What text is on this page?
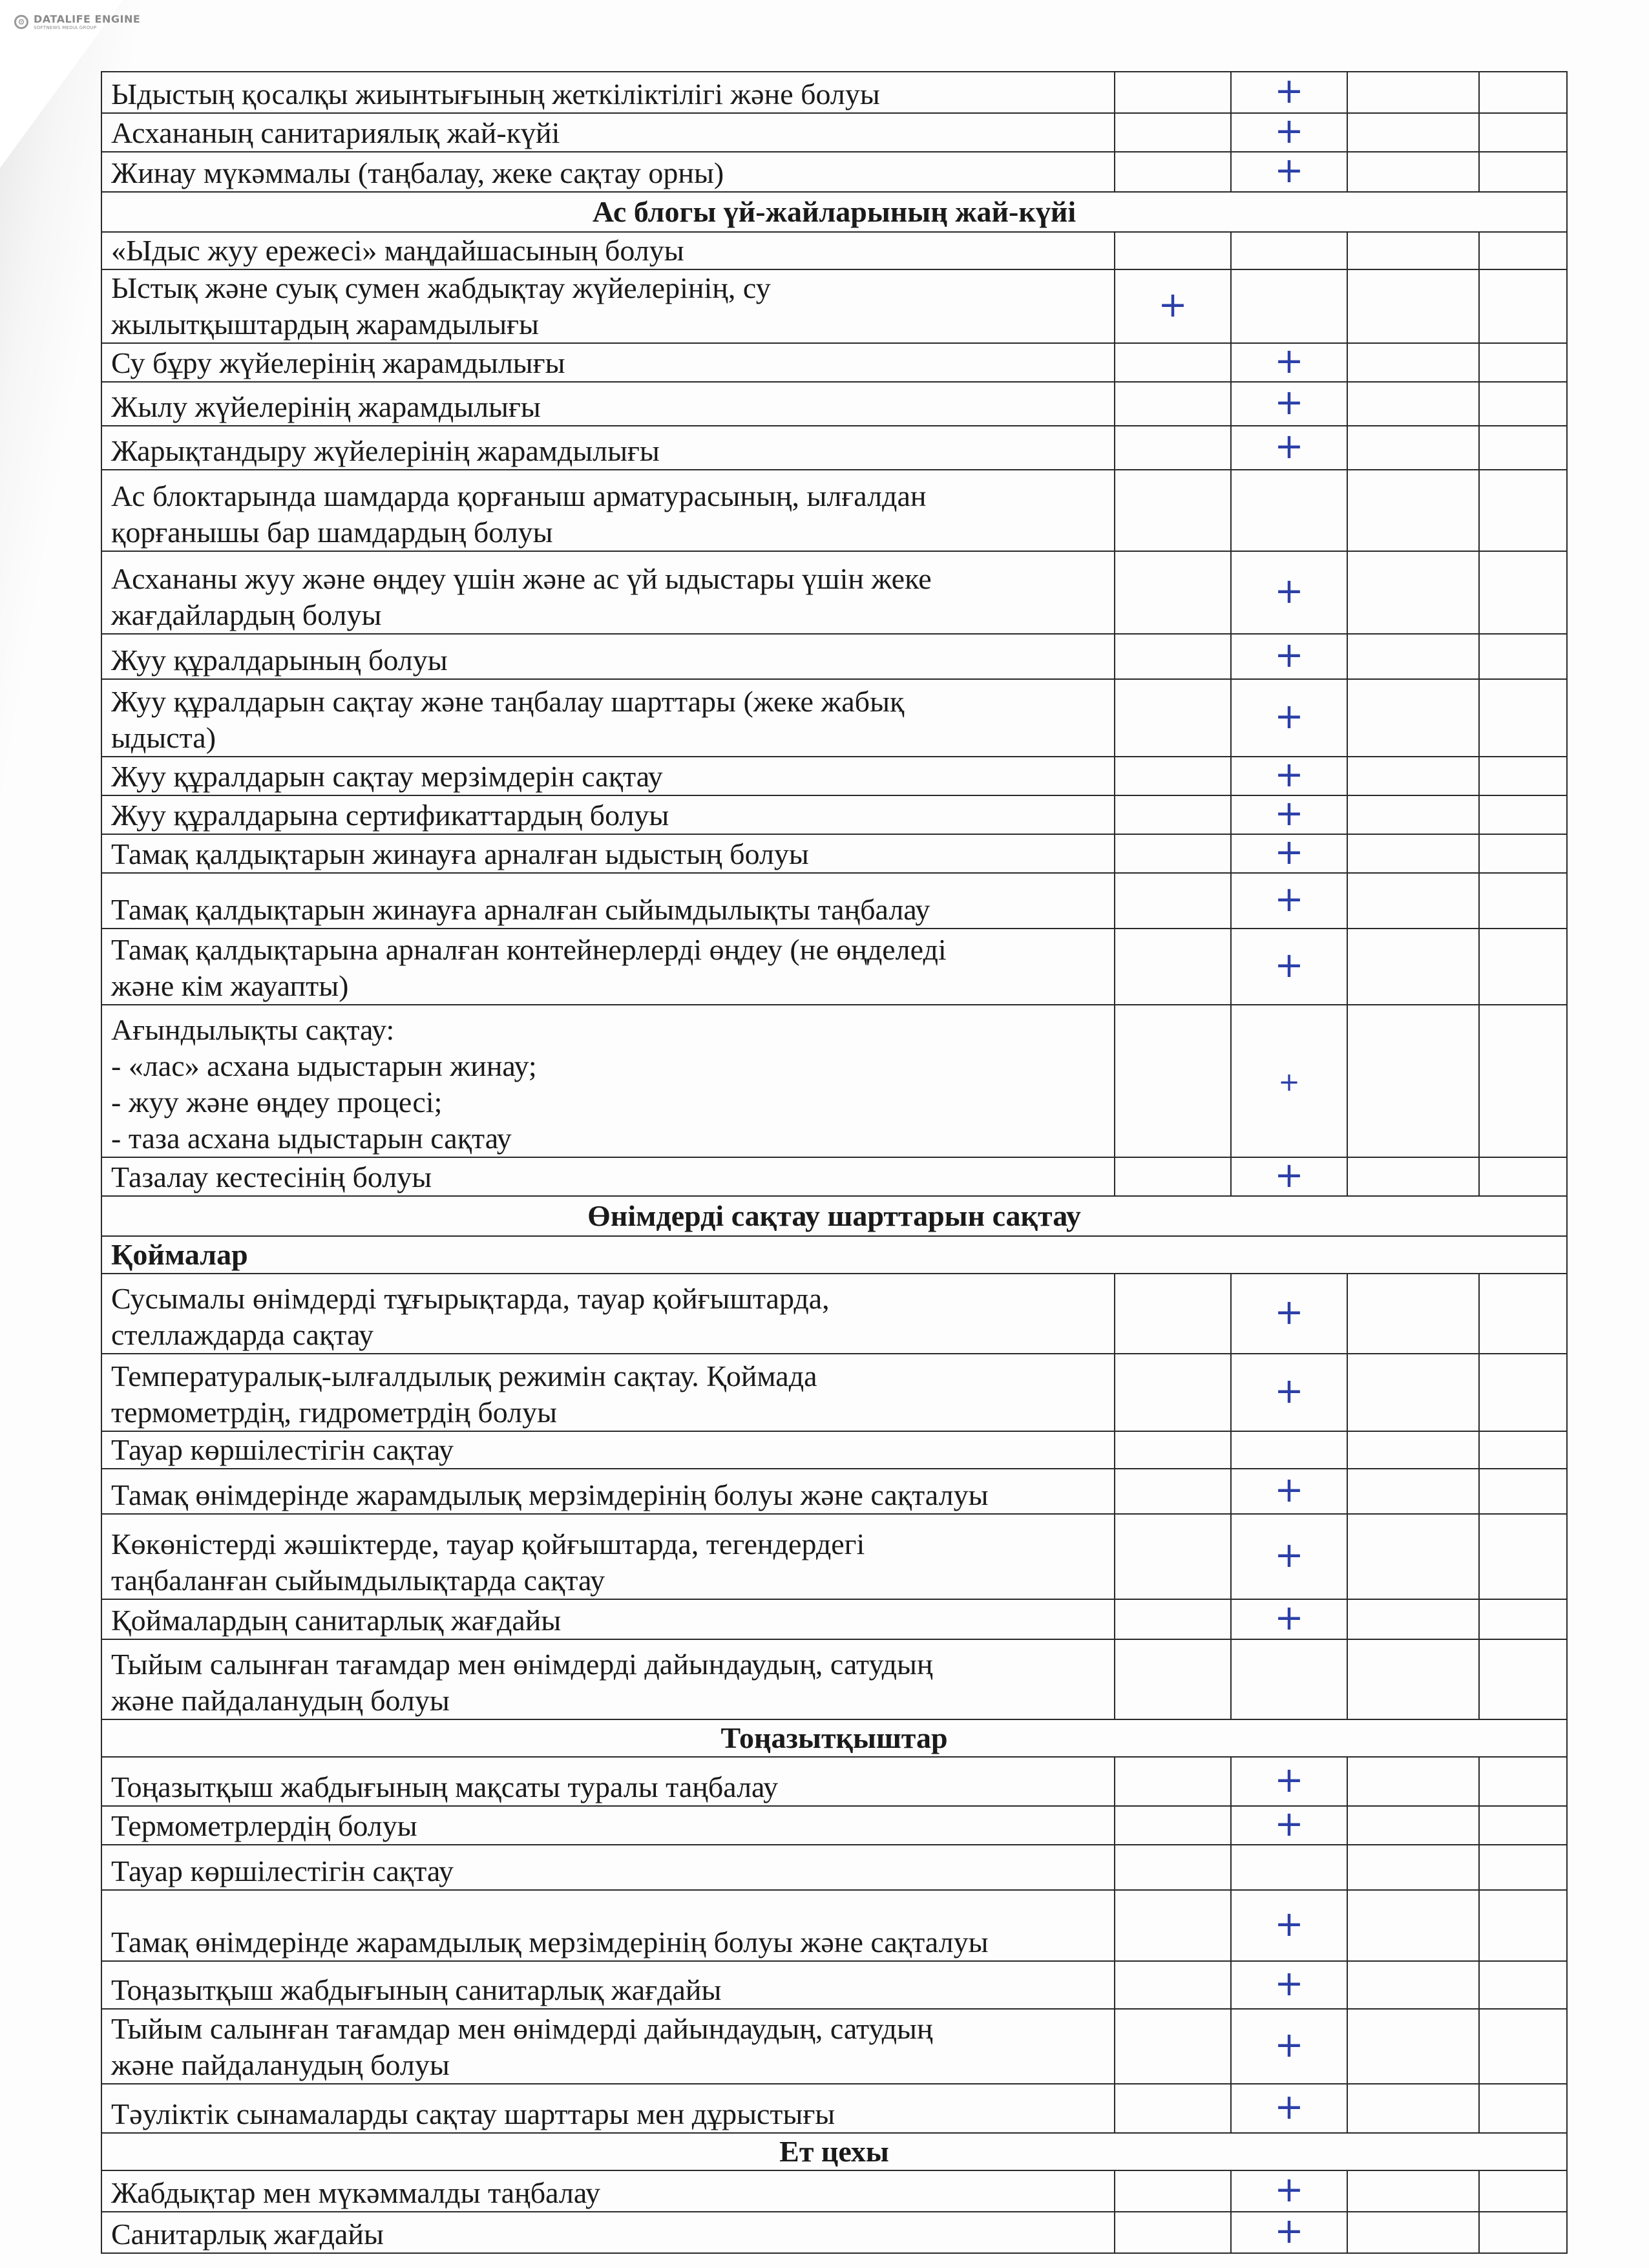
⚙ DATALIFE ENGINE
SOFTNEWS MEDIA GROUP
Ыдыстың қосалқы жиынтығының жеткіліктілігі және болуы		+		

Асхананың санитариялық жай-күйі		+		

Жинау мүкәммалы (таңбалау, жеке сақтау орны)		+		
Ас блогы үй-жайларының жай-күйі				

«Ыдыс жуу ережесі» маңдайшасының болуы				

Ыстық және суық сумен жабдықтау жүйелерінің, су
жылытқыштардың жарамдылығы	+			

Су бұру жүйелерінің жарамдылығы		+		

Жылу жүйелерінің жарамдылығы		+		

Жарықтандыру жүйелерінің жарамдылығы		+		

Ас блоктарында шамдарда қорғаныш арматурасының, ылғалдан
қорғанышы бар шамдардың болуы				

Асхананы жуу және өңдеу үшін және ас үй ыдыстары үшін жеке
жағдайлардың болуы		+		

Жуу құралдарының болуы		+		

Жуу құралдарын сақтау және таңбалау шарттары (жеке жабық
ыдыста)		+		

Жуу құралдарын сақтау мерзімдерін сақтау		+		

Жуу құралдарына сертификаттардың болуы		+		

Тамақ қалдықтарын жинауға арналған ыдыстың болуы		+		

Тамақ қалдықтарын жинауға арналған сыйымдылықты таңбалау		+		

Тамақ қалдықтарына арналған контейнерлерді өңдеу (не өңделеді
және кім жауапты)		+		

Ағындылықты сақтау:
- «лас» асхана ыдыстарын жинау;
- жуу және өңдеу процесі;
- таза асхана ыдыстарын сақтау		+		

Тазалау кестесінің болуы		+		
Өнімдерді сақтау шарттарын сақтау				
Қоймалар				

Сусымалы өнімдерді тұғырықтарда, тауар қойғыштарда,
стеллаждарда сақтау		+		

Температуралық-ылғалдылық режимін сақтау. Қоймада
термометрдің, гидрометрдің болуы		+		

Тауар көршілестігін сақтау				

Тамақ өнімдерінде жарамдылық мерзімдерінің болуы және сақталуы		+		

Көкөністерді жәшіктерде, тауар қойғыштарда, тегендердегі
таңбаланған сыйымдылықтарда сақтау		+		

Қоймалардың санитарлық жағдайы		+		

Тыйым салынған тағамдар мен өнімдерді дайындаудың, сатудың
және пайдаланудың болуы				

Тоңазытқыштар				

Тоңазытқыш жабдығының мақсаты туралы таңбалау		+		

Термометрлердің болуы		+		

Тауар көршілестігін сақтау				

Тамақ өнімдерінде жарамдылық мерзімдерінің болуы және сақталуы		+		

Тоңазытқыш жабдығының санитарлық жағдайы		+		

Тыйым салынған тағамдар мен өнімдерді дайындаудың, сатудың
және пайдаланудың болуы		+		

Тәуліктік сынамаларды сақтау шарттары мен дұрыстығы		+		
Ет цехы				

Жабдықтар мен мүкәммалды таңбалау		+		

Санитарлық жағдайы		+		
